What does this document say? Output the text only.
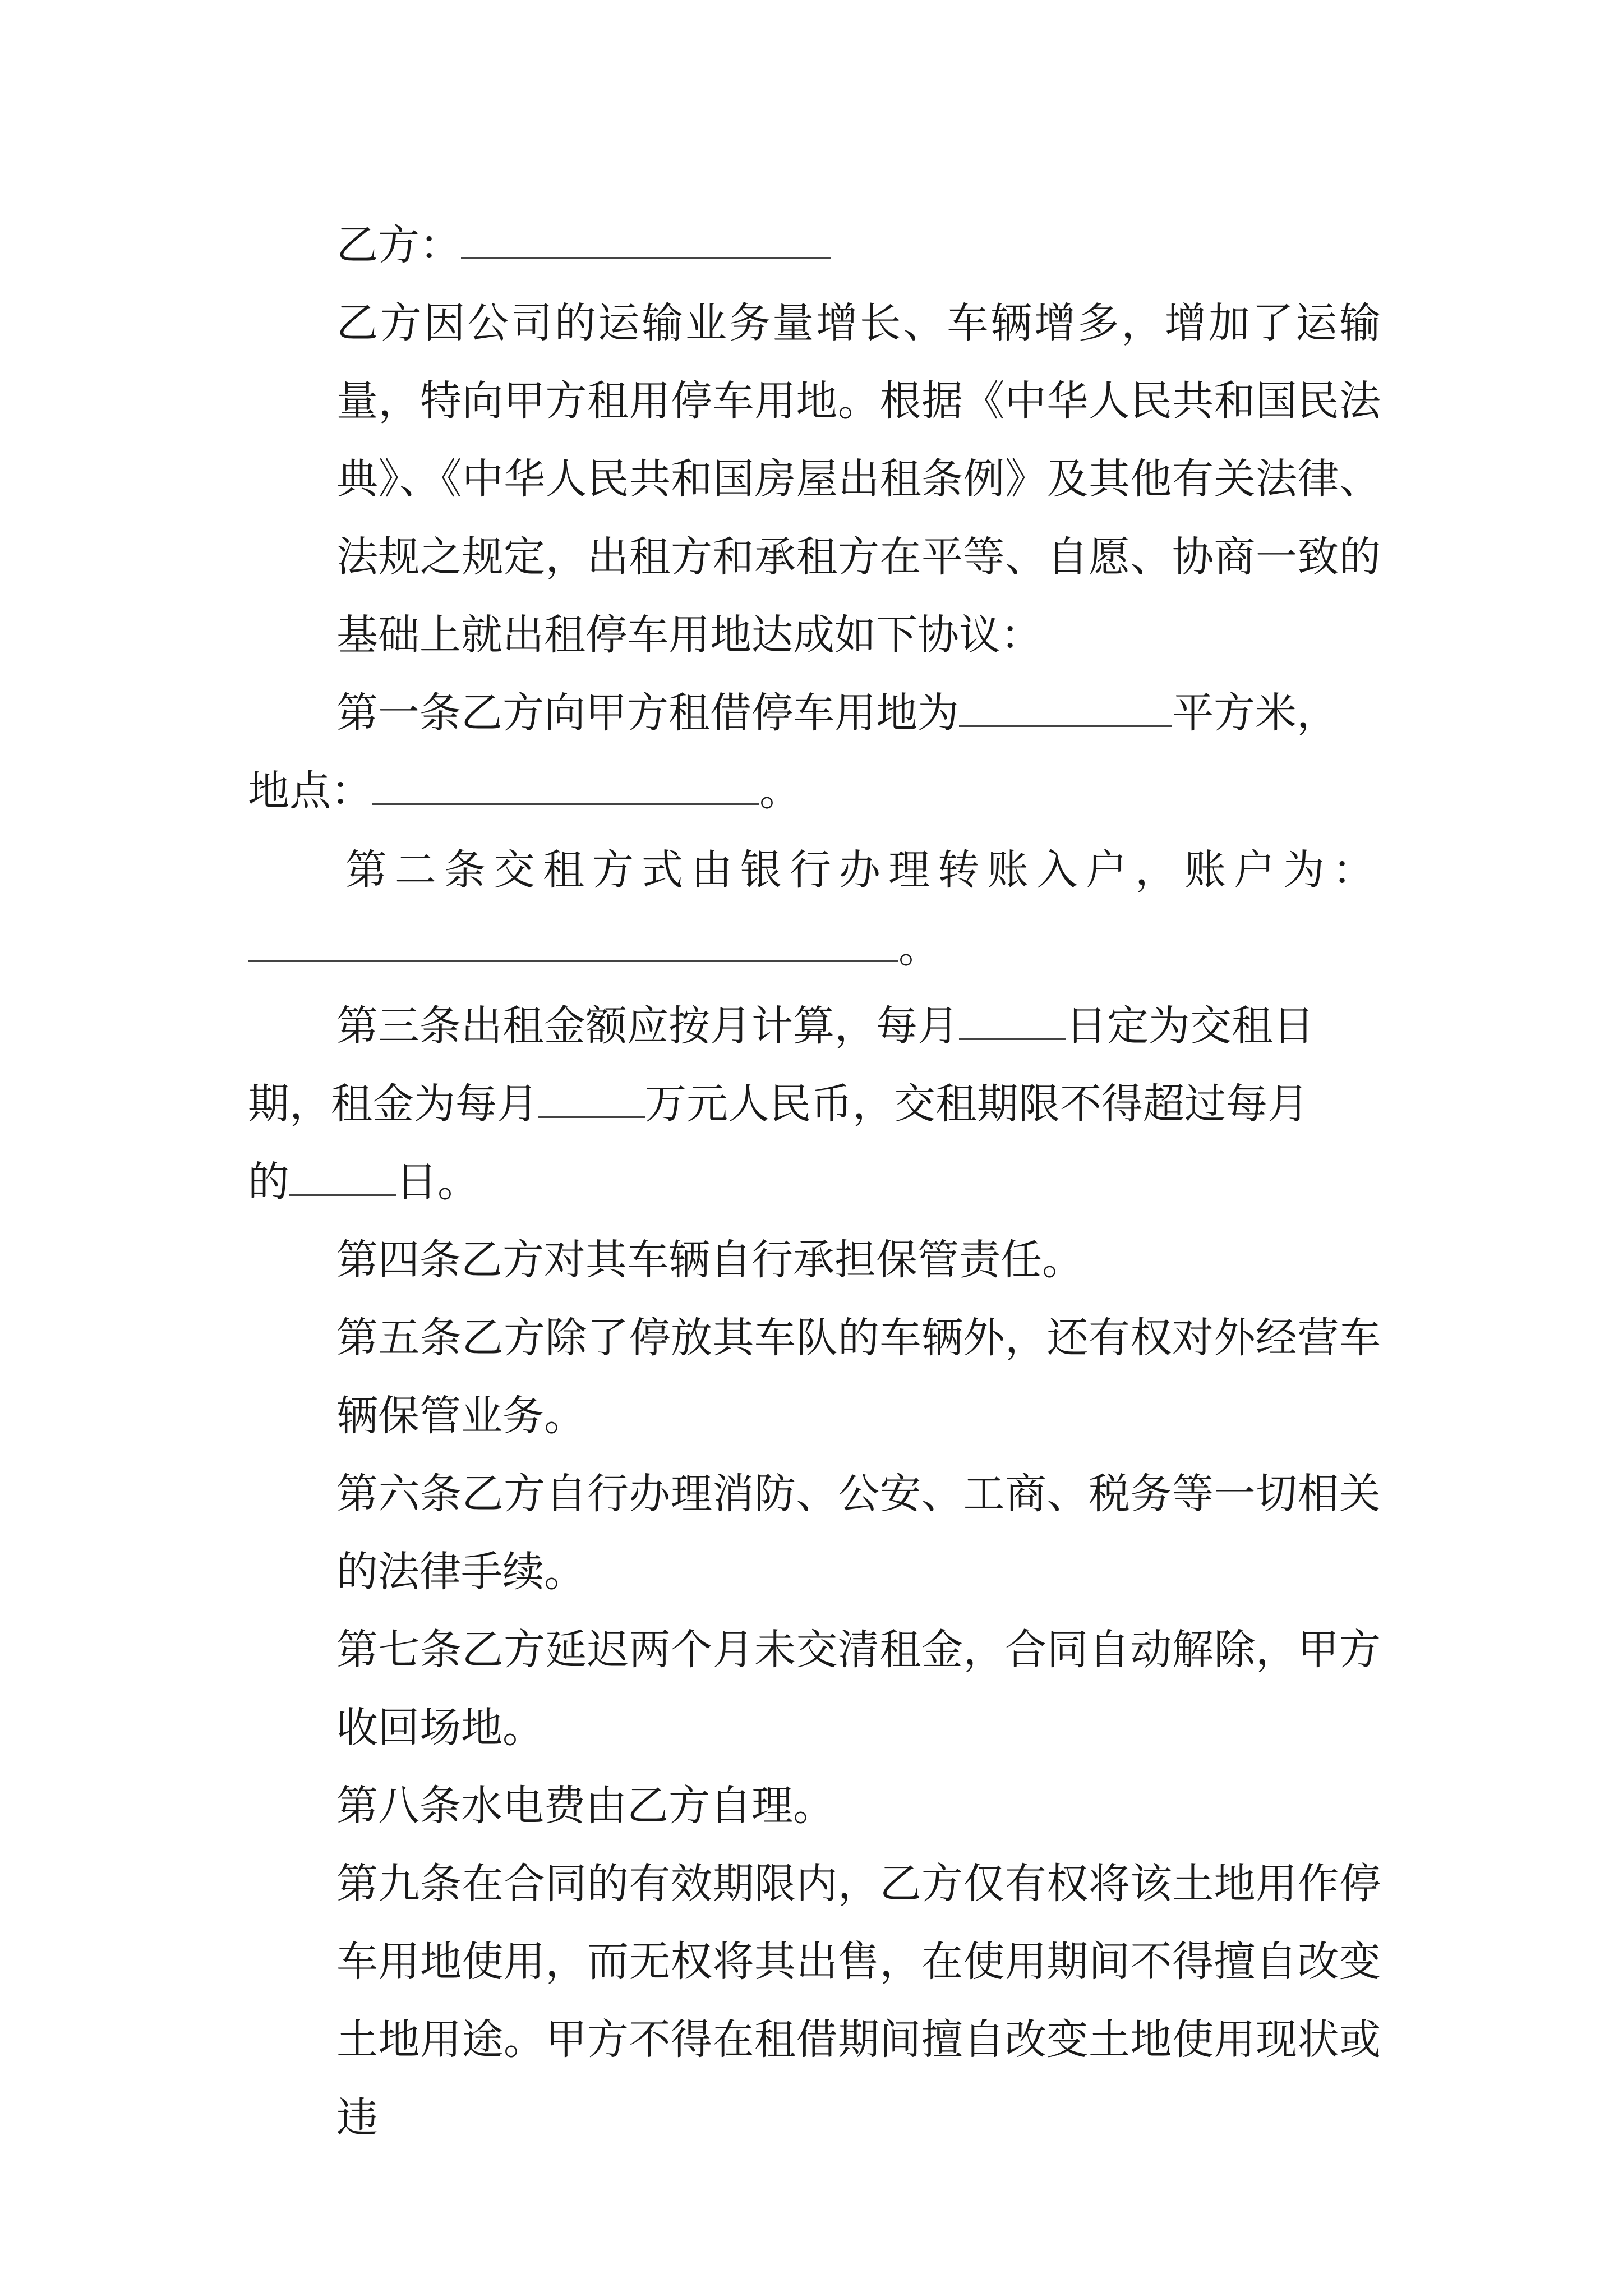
乙方：

乙方因公司的运输业务量增长、车辆增多，增加了运输量，特向甲方租用停车用地。根据《中华人民共和国民法典》、《中华人民共和国房屋出租条例》及其他有关法律、法规之规定，出租方和承租方在平等、自愿、协商一致的基础上就出租停车用地达成如下协议：

第一条乙方向甲方租借停车用地为	平方米，

地点：	。

第二条交租方式由银行办理转账入户，账户为：

。

第三条出租金额应按月计算，每月	日定为交租日

期，租金为每月	万元人民币，交租期限不得超过每月

的	日。

第四条乙方对其车辆自行承担保管责任。

第五条乙方除了停放其车队的车辆外，还有权对外经营车辆保管业务。

第六条乙方自行办理消防、公安、工商、税务等一切相关的法律手续。

第七条乙方延迟两个月未交清租金，合同自动解除，甲方收回场地。

第八条水电费由乙方自理。

第九条在合同的有效期限内，乙方仅有权将该土地用作停车用地使用，而无权将其出售，在使用期间不得擅自改变土地用途。甲方不得在租借期间擅自改变土地使用现状或违
